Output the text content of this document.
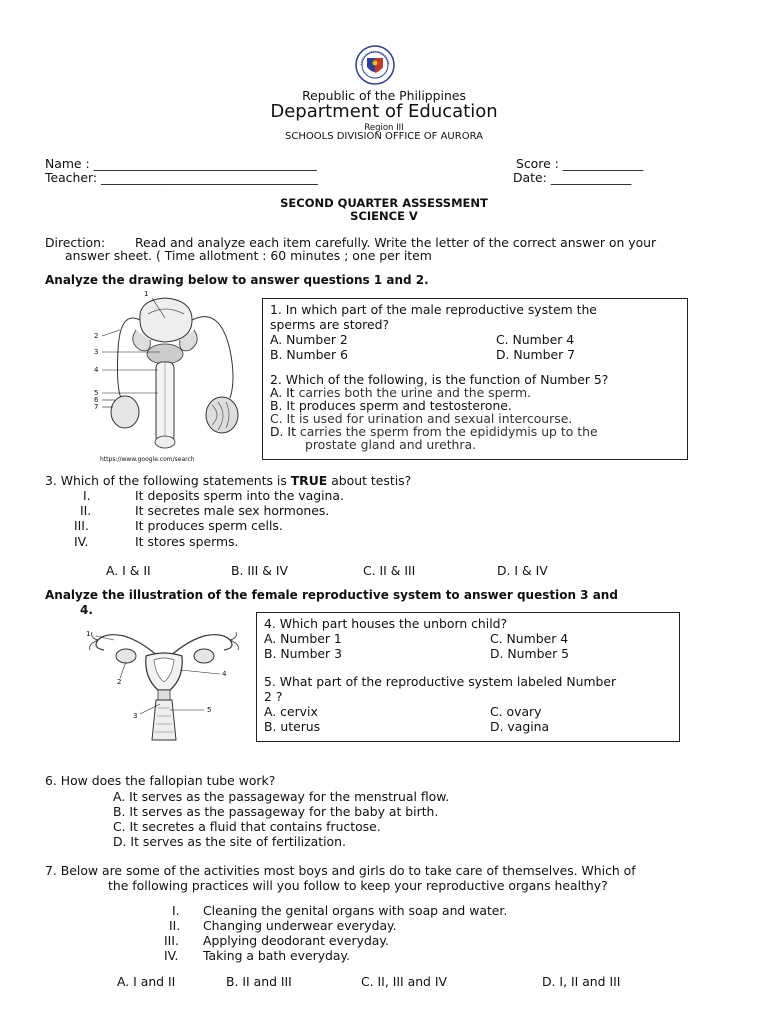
Republic of the Philippines
Department of Education
Region III
SCHOOLS DIVISION OFFICE OF AURORA
Name : ____________________________________
Teacher: ___________________________________
Score : _____________
Date: _____________
SECOND QUARTER ASSESSMENT
SCIENCE V
Direction: Read and analyze each item carefully. Write the letter of the correct answer on your
answer sheet. ( Time allotment : 60 minutes ; one per item
Analyze the drawing below to answer questions 1 and 2.
1
2
3
4
5
6
7
https://www.google.com/search
1. In which part of the male reproductive system the
sperms are stored?
A. Number 2	C. Number 4
B. Number 6	D. Number 7
2. Which of the following, is the function of Number 5?
A. It carries both the urine and the sperm.
B. It produces sperm and testosterone.
C. It is used for urination and sexual intercourse.
D. It carries the sperm from the epididymis up to the
prostate gland and urethra.
3. Which of the following statements is TRUE about testis?
I.	It deposits sperm into the vagina.
II.	It secretes male sex hormones.
III.	It produces sperm cells.
IV.	It stores sperms.
A. I & II	B. III & IV	C. II & III	D. I & IV
Analyze the illustration of the female reproductive system to answer question 3 and
4.
1
2
3
4
5
4. Which part houses the unborn child?
A. Number 1	C. Number 4
B. Number 3	D. Number 5
5. What part of the reproductive system labeled Number
2 ?
A. cervix	C. ovary
B. uterus	D. vagina
6. How does the fallopian tube work?
A. It serves as the passageway for the menstrual flow.
B. It serves as the passageway for the baby at birth.
C. It secretes a fluid that contains fructose.
D. It serves as the site of fertilization.
7. Below are some of the activities most boys and girls do to take care of themselves. Which of
the following practices will you follow to keep your reproductive organs healthy?
I. Cleaning the genital organs with soap and water.
II. Changing underwear everyday.
III. Applying deodorant everyday.
IV. Taking a bath everyday.
A. I and II	B. II and III	C. II, III and IV	D. I, II and III
